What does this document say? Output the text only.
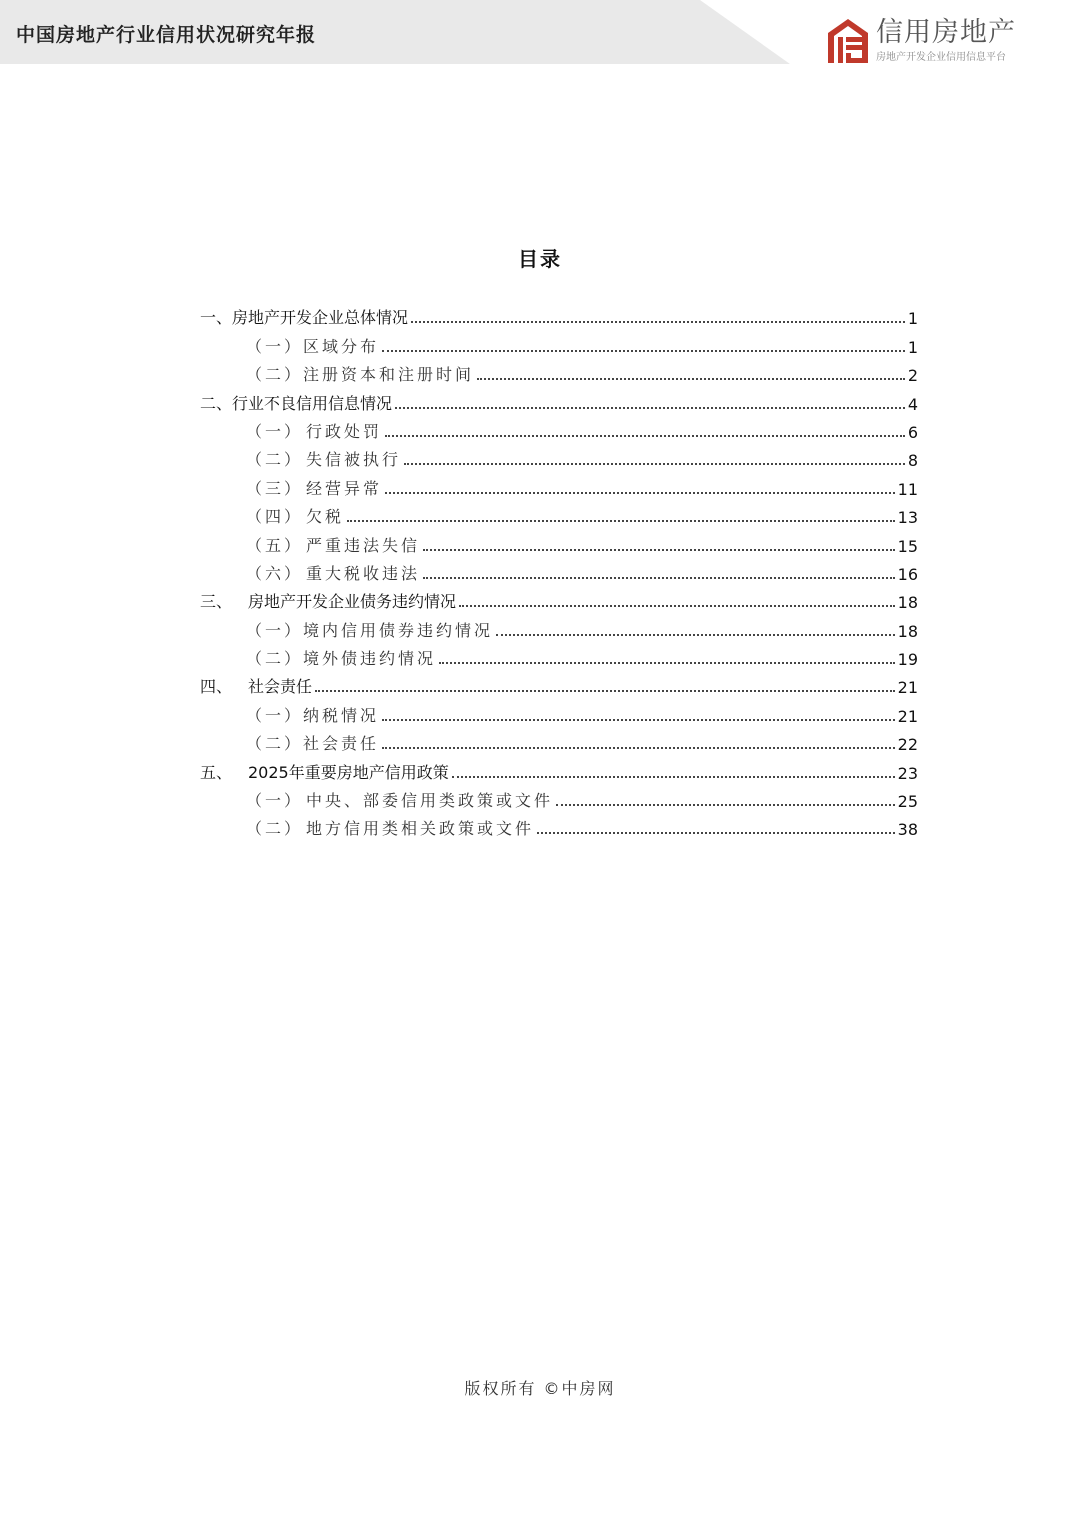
中国房地产行业信用状况研究年报	信用房地产
房地产开发企业信用信息平台
目录
一、 房地产开发企业总体情况	1
（一） 区域分布	1
（二） 注册资本和注册时间	2
二、 行业不良信用信息情况	4
（一） 行政处罚	6
（二） 失信被执行	8
（三） 经营异常	11
（四） 欠税	13
（五） 严重违法失信	15
（六） 重大税收违法	16
三、 房地产开发企业债务违约情况	18
（一） 境内信用债券违约情况	18
（二） 境外债违约情况	19
四、 社会责任	21
（一） 纳税情况	21
（二） 社会责任	22
五、 2025年重要房地产信用政策	23
（一） 中央、部委信用类政策或文件	25
（二） 地方信用类相关政策或文件	38
版权所有 ©中房网
